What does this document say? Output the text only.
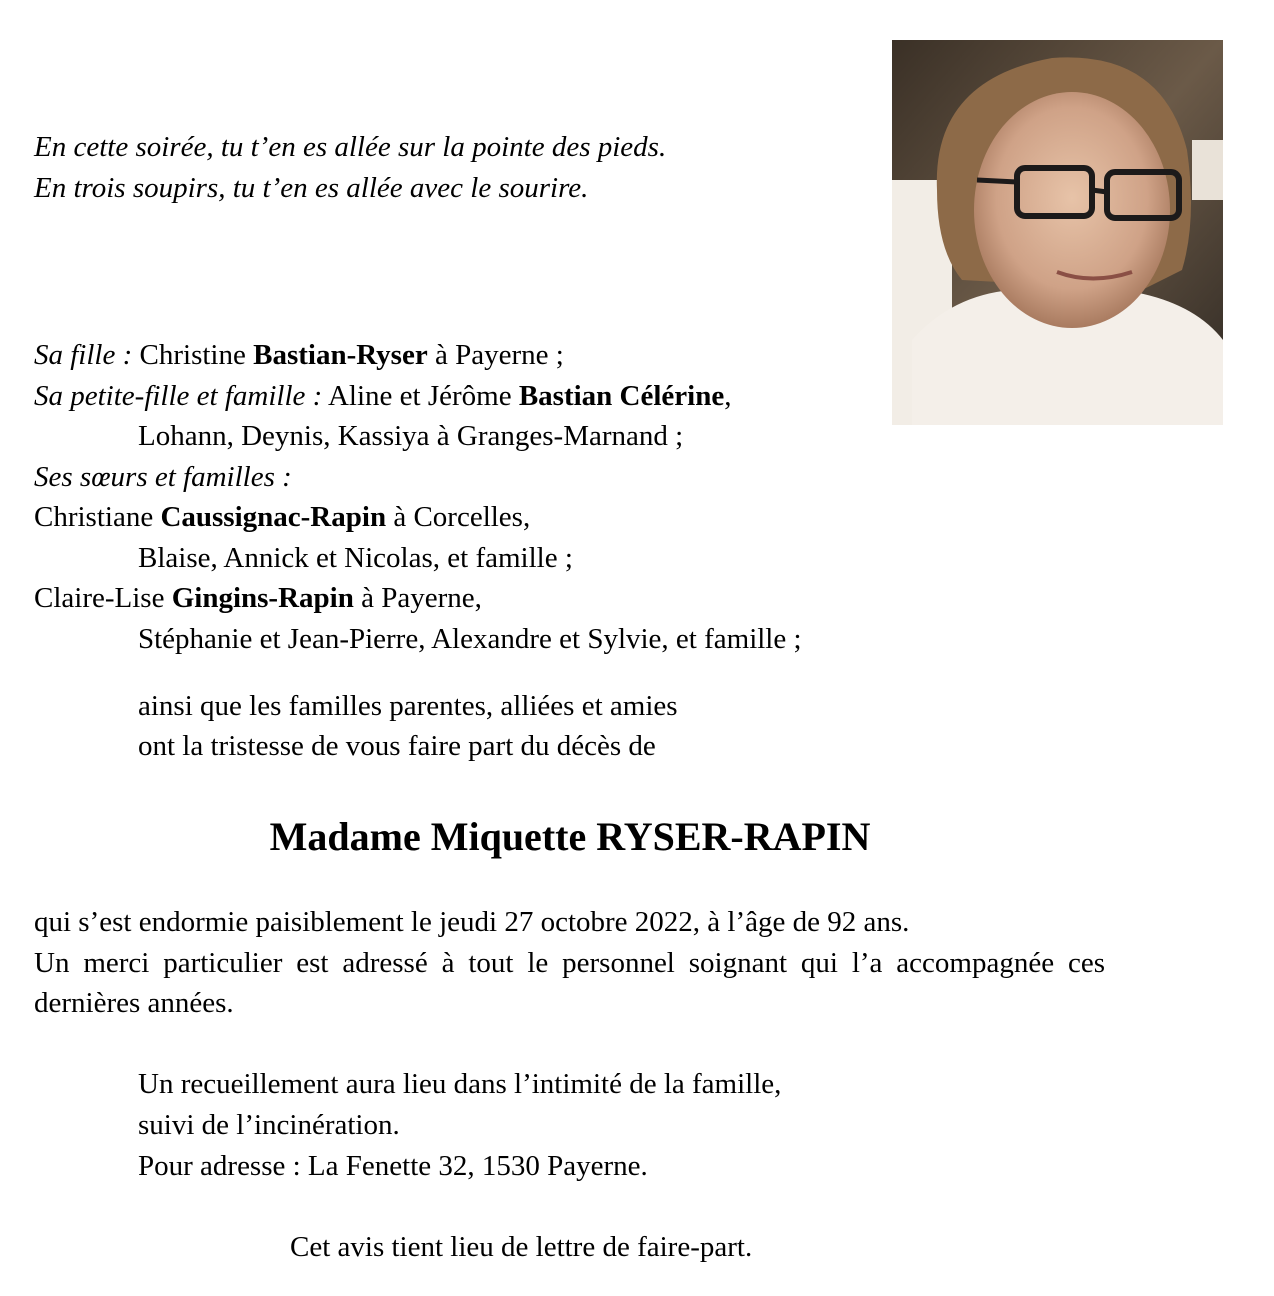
En cette soirée, tu t’en es allée sur la pointe des pieds.
En trois soupirs, tu t’en es allée avec le sourire.
Sa fille : Christine Bastian-Ryser à Payerne ;
Sa petite-fille et famille : Aline et Jérôme Bastian Célérine,
Lohann, Deynis, Kassiya à Granges-Marnand ;
Ses sœurs et familles :
Christiane Caussignac-Rapin à Corcelles,
Blaise, Annick et Nicolas, et famille ;
Claire-Lise Gingins-Rapin à Payerne,
Stéphanie et Jean-Pierre, Alexandre et Sylvie, et famille ;
ainsi que les familles parentes, alliées et amies
ont la tristesse de vous faire part du décès de
Madame Miquette RYSER-RAPIN
qui s’est endormie paisiblement le jeudi 27 octobre 2022, à l’âge de 92 ans.
Un merci particulier est adressé à tout le personnel soignant qui l’a accompagnée ces dernières années.
Un recueillement aura lieu dans l’intimité de la famille,
suivi de l’incinération.
Pour adresse : La Fenette 32, 1530 Payerne.
Cet avis tient lieu de lettre de faire-part.
